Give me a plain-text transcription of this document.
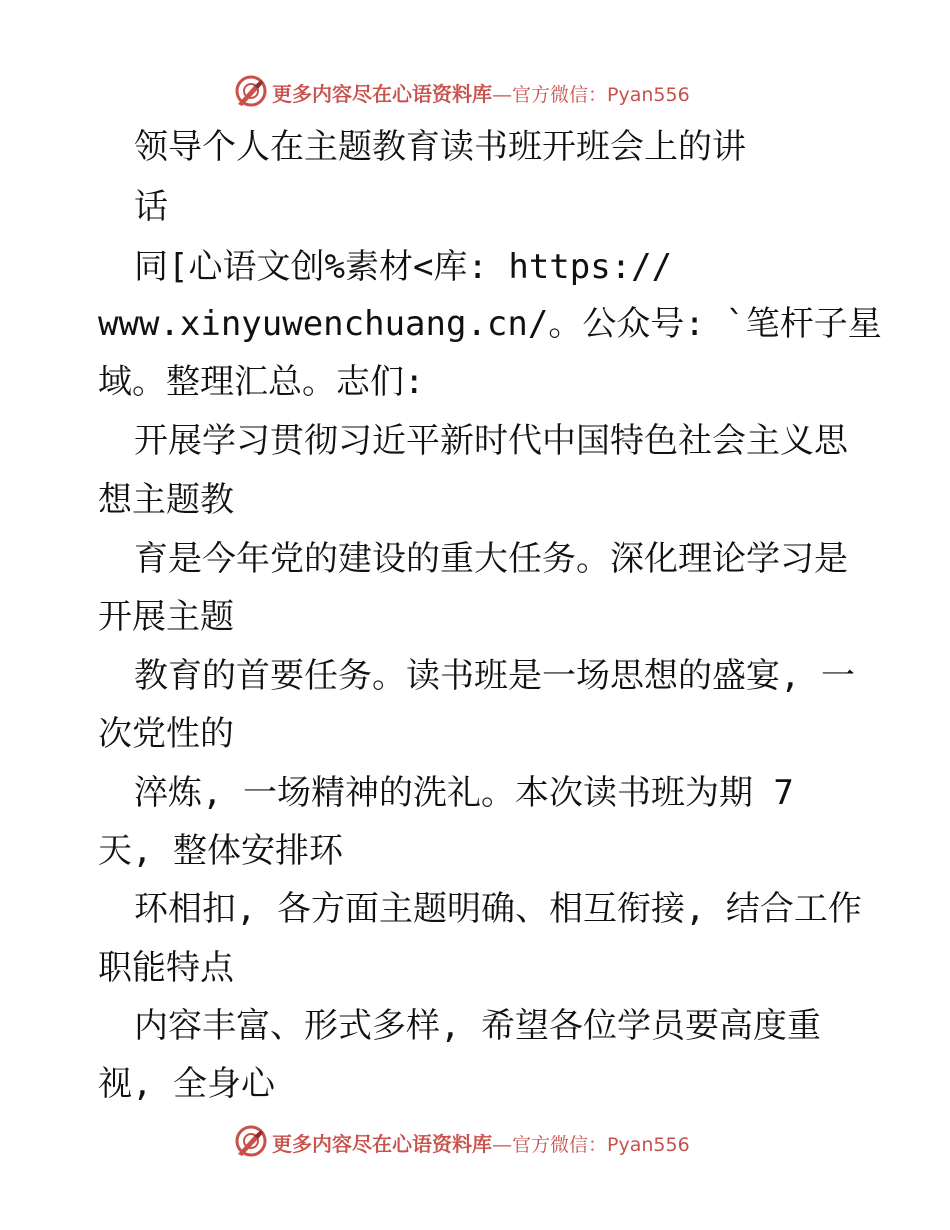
更多内容尽在心语资料库—官方微信：Pyan556
领导个人在主题教育读书班开班会上的讲
话
同[心语文创%素材<库: https://
www.xinyuwenchuang.cn/。公众号: `笔杆子星
域。整理汇总。志们:
开展学习贯彻习近平新时代中国特色社会主义思
想主题教
育是今年党的建设的重大任务。深化理论学习是
开展主题
教育的首要任务。读书班是一场思想的盛宴, 一
次党性的
淬炼, 一场精神的洗礼。本次读书班为期 7
天, 整体安排环
环相扣, 各方面主题明确、相互衔接, 结合工作
职能特点
内容丰富、形式多样, 希望各位学员要高度重
视, 全身心
更多内容尽在心语资料库—官方微信：Pyan556
